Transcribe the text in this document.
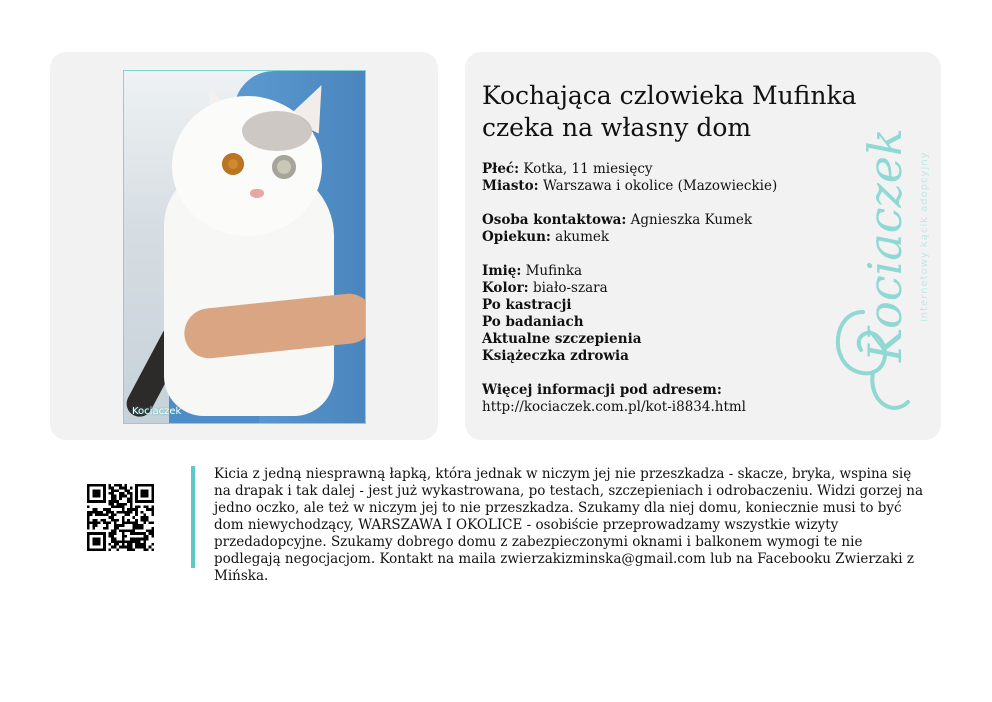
Kociaczek
Kochająca czlowieka Mufinka
czeka na własny dom
Płeć: Kotka, 11 miesięcy
Miasto: Warszawa i okolice (Mazowieckie)
Osoba kontaktowa: Agnieszka Kumek
Opiekun: akumek
Imię: Mufinka
Kolor: biało-szara
Po kastracji
Po badaniach
Aktualne szczepienia
Książeczka zdrowia
Więcej informacji pod adresem:
http://kociaczek.com.pl/kot-i8834.html
Kociaczek internetowy kącik adopcyjny

Kicia z jedną niesprawną łapką, która jednak w niczym jej nie przeszkadza - skacze, bryka, wspina się na drapak i tak dalej - jest już wykastrowana, po testach, szczepieniach i odrobaczeniu. Widzi gorzej na jedno oczko, ale też w niczym jej to nie przeszkadza. Szukamy dla niej domu, koniecznie musi to być dom niewychodzący, WARSZAWA I OKOLICE - osobiście przeprowadzamy wszystkie wizyty przedadopcyjne. Szukamy dobrego domu z zabezpieczonymi oknami i balkonem wymogi te nie podlegają negocjacjom. Kontakt na maila zwierzakizminska@gmail.com lub na Facebooku Zwierzaki z Mińska.
